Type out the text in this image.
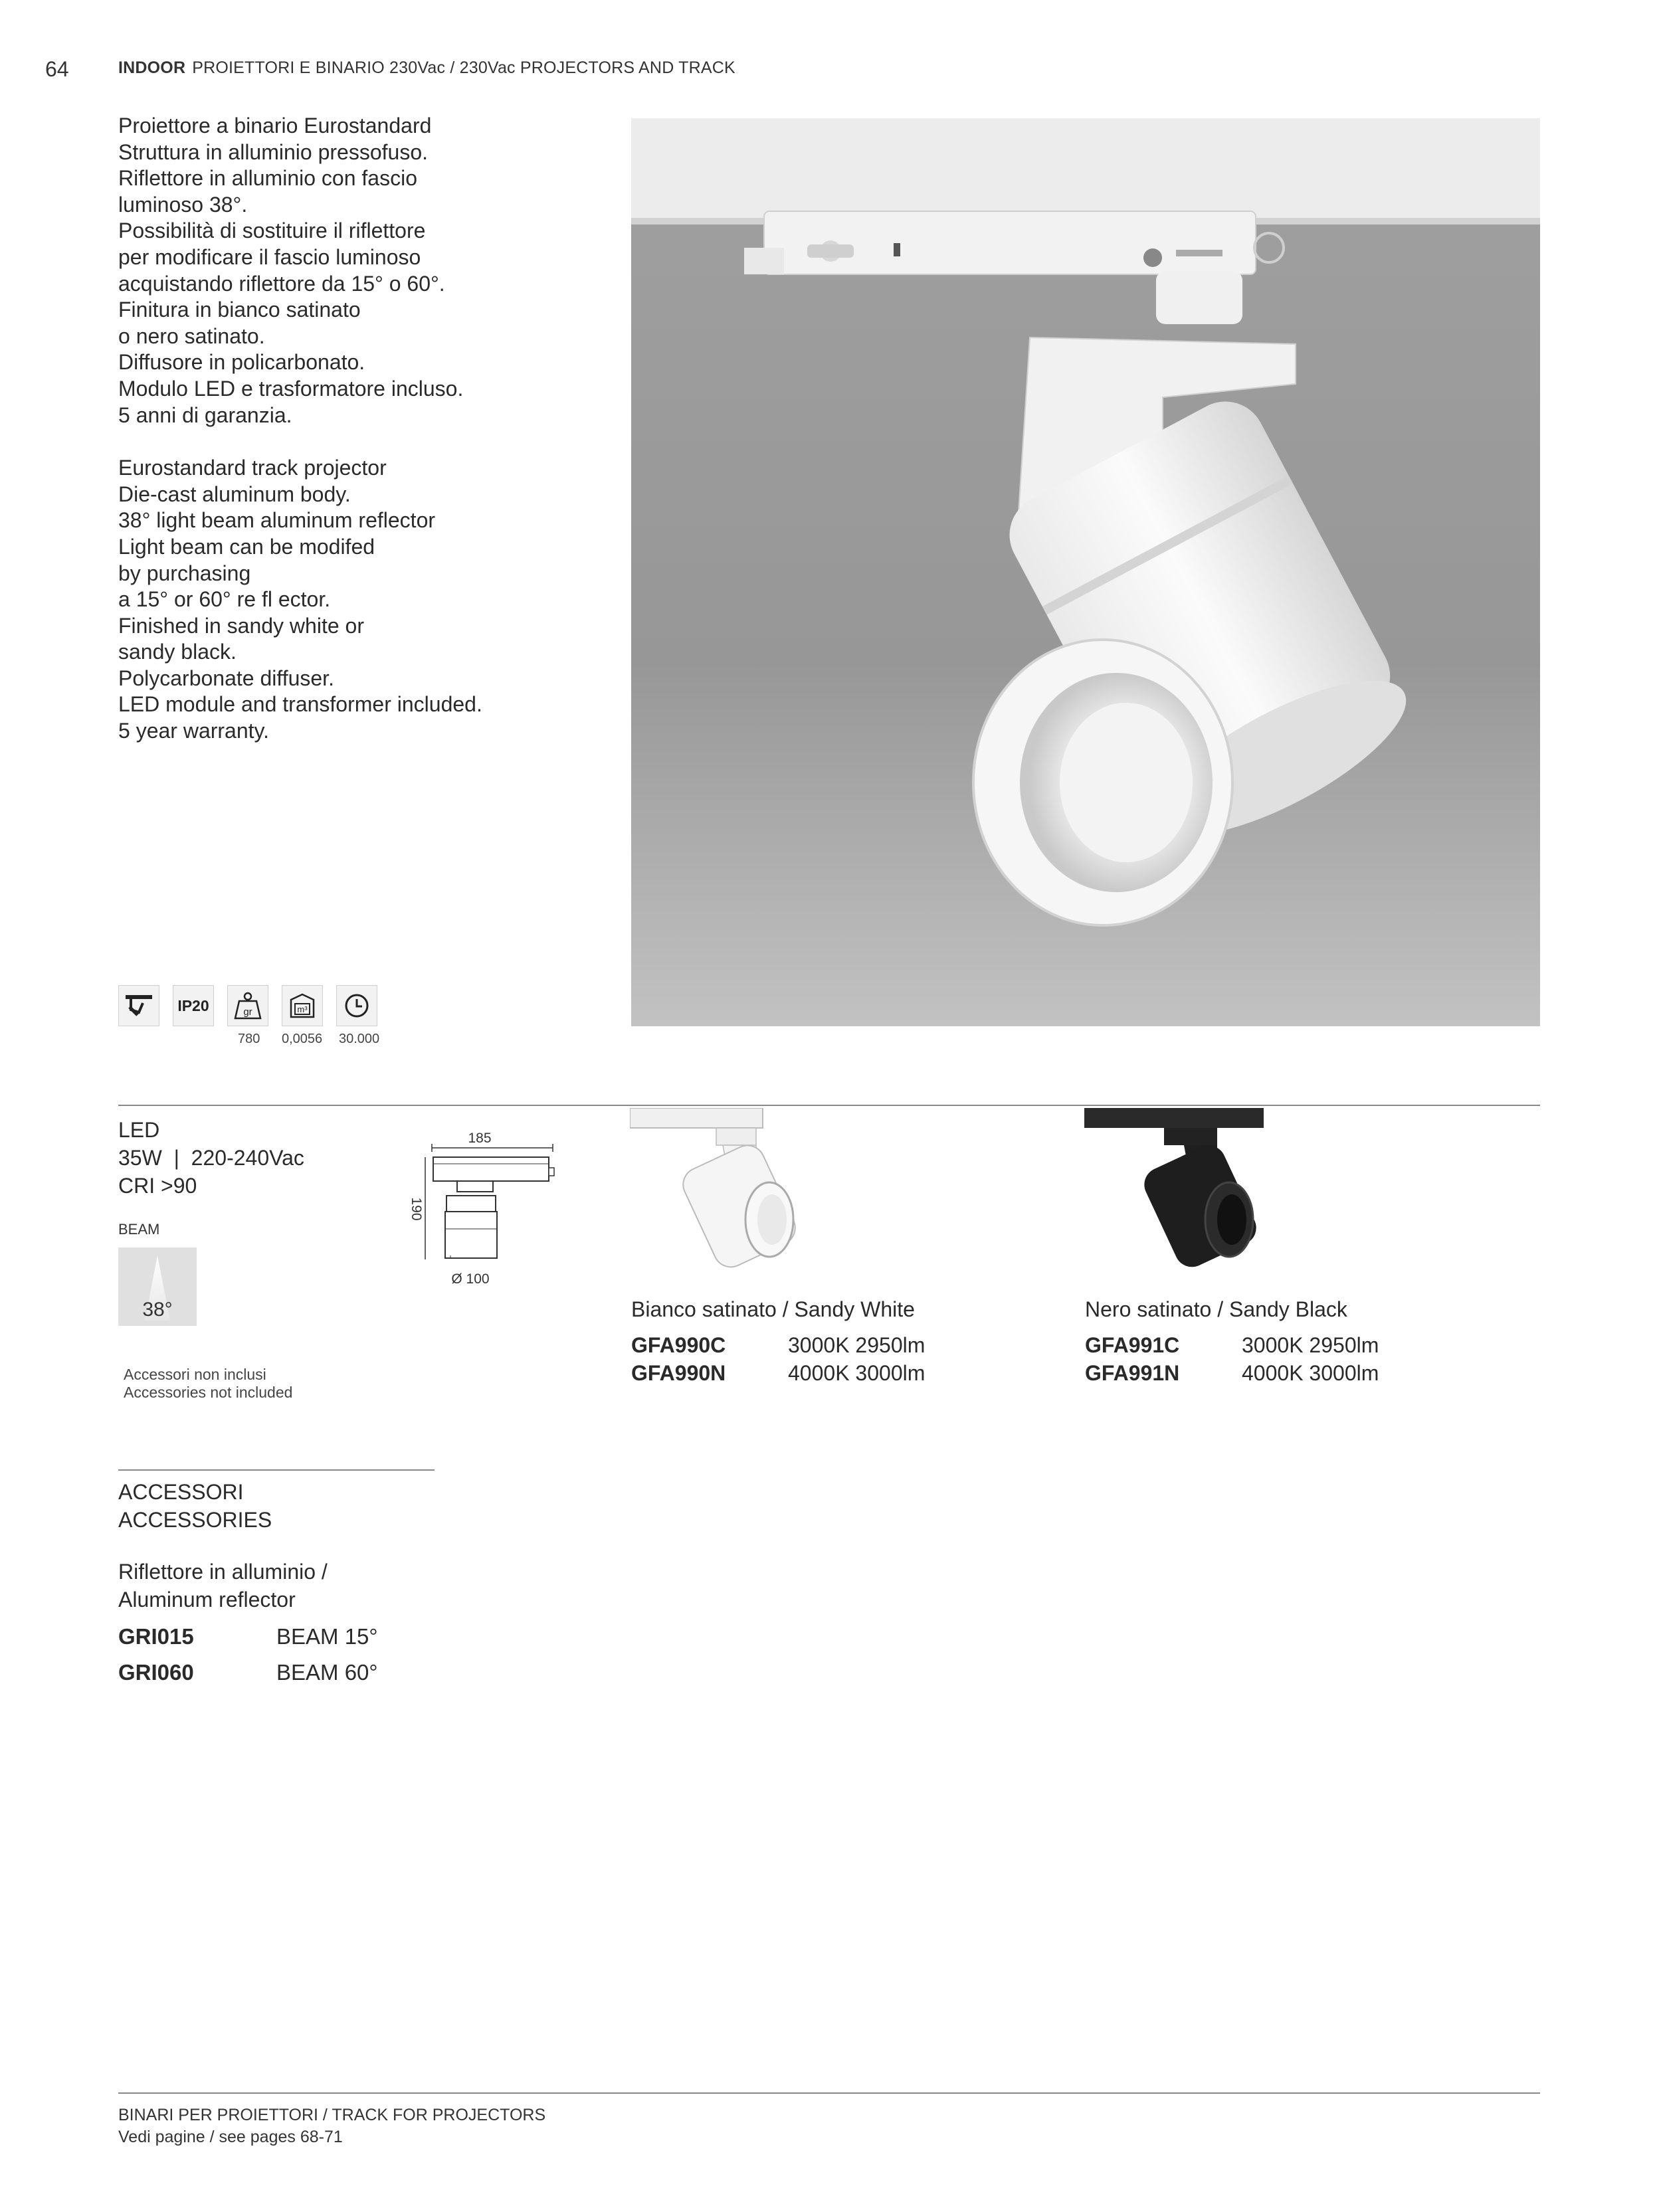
64	INDOOR PROIETTORI E BINARIO 230Vac / 230Vac PROJECTORS AND TRACK
Proiettore a binario Eurostandard
Struttura in alluminio pressofuso.
Riflettore in alluminio con fascio
luminoso 38°.
Possibilità di sostituire il riflettore
per modificare il fascio luminoso
acquistando riflettore da 15° o 60°.
Finitura in bianco satinato
o nero satinato.
Diffusore in policarbonato.
Modulo LED e trasformatore incluso.
5 anni di garanzia.
Eurostandard track projector
Die-cast aluminum body.
38° light beam aluminum reflector
Light beam can be modifed
by purchasing
a 15° or 60° re fl ector.
Finished in sandy white or
sandy black.
Polycarbonate diffuser.
LED module and transformer included.
5 year warranty.
IP20	gr	m³
780 0,0056 30.000
LED
35W  |  220-240Vac
CRI >90
BEAM
38°
Accessori non inclusi
Accessories not included
185
190
Ø 100
Bianco satinato / Sandy White
GFA990C	3000K 2950lm
GFA990N	4000K 3000lm
Nero satinato / Sandy Black
GFA991C	3000K 2950lm
GFA991N	4000K 3000lm
ACCESSORI
ACCESSORIES
Riflettore in alluminio /
Aluminum reflector
GRI015	BEAM 15°
GRI060	BEAM 60°
BINARI PER PROIETTORI / TRACK FOR PROJECTORS
Vedi pagine / see pages 68-71
